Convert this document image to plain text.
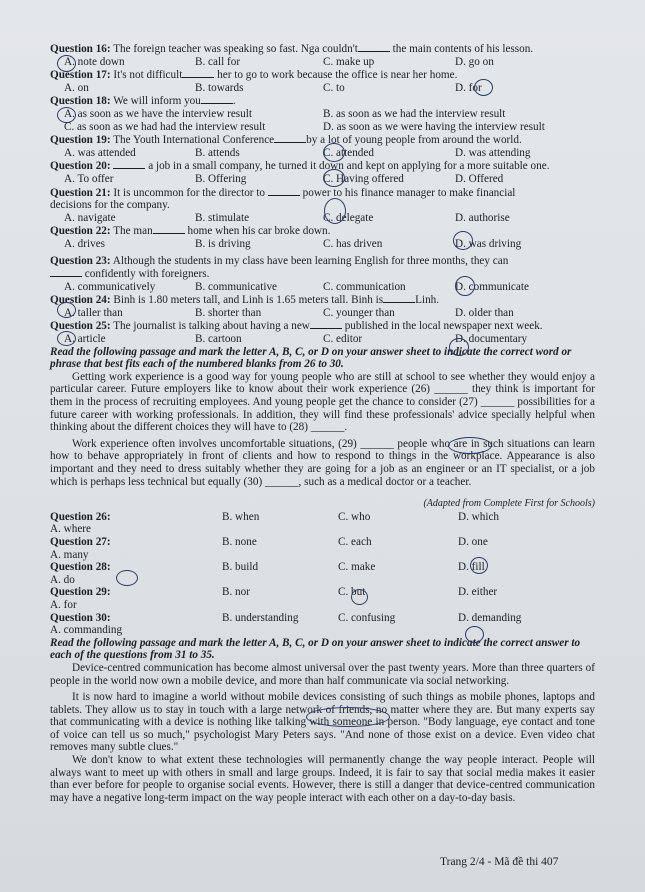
Question 16: The foreign teacher was speaking so fast. Nga couldn't	the main contents of his lesson.
A. note down	B. call for	C. make up	D. go on
Question 17: It's not difficult	her to go to work because the office is near her home.
A. on	B. towards	C. to	D. for
Question 18: We will inform you	.
A. as soon as we have the interview result	B. as soon as we had the interview result
C. as soon as we had had the interview result	D. as soon as we were having the interview result
Question 19: The Youth International Conference	by a lot of young people from around the world.
A. was attended	B. attends	C. attended	D. was attending
Question 20:	a job in a small company, he turned it down and kept on applying for a more suitable one.
A. To offer	B. Offering	C. Having offered	D. Offered
Question 21: It is uncommon for the director to	power to his finance manager to make financial
decisions for the company.
A. navigate	B. stimulate	C. delegate	D. authorise
Question 22: The man	home when his car broke down.
A. drives	B. is driving	C. has driven	D. was driving
Question 23: Although the students in my class have been learning English for three months, they can
confidently with foreigners.
A. communicatively	B. communicative	C. communication	D. communicate
Question 24: Binh is 1.80 meters tall, and Linh is 1.65 meters tall. Binh is	Linh.
A. taller than	B. shorter than	C. younger than	D. older than
Question 25: The journalist is talking about having a new	published in the local newspaper next week.
A. article	B. cartoon	C. editor	D. documentary
Read the following passage and mark the letter A, B, C, or D on your answer sheet to indicate the correct word or phrase that best fits each of the numbered blanks from 26 to 30.
Getting work experience is a good way for young people who are still at school to see whether they would enjoy a particular career. Future employers like to know about their work experience (26) ______ they think is important for them in the process of recruiting employees. And young people get the chance to consider (27) ______ possibilities for a future career with working professionals. In addition, they will find these professionals' advice specially helpful when thinking about the different choices they will have to (28) ______.
Work experience often involves uncomfortable situations, (29) ______ people who are in such situations can learn how to behave appropriately in front of clients and how to respond to things in the workplace. Appearance is also important and they need to dress suitably whether they are going for a job as an engineer or an IT specialist, or a job which is perhaps less technical but equally (30) ______, such as a medical doctor or a teacher.
(Adapted from Complete First for Schools)
Question 26:
A. where
B. when	C. who	D. which
Question 27:
A. many
B. none	C. each	D. one
Question 28:
A. do
B. build	C. make	D. fill
Question 29:
A. for
B. nor	C. but	D. either
Question 30:
A. commanding
B. understanding	C. confusing	D. demanding
Read the following passage and mark the letter A, B, C, or D on your answer sheet to indicate the correct answer to each of the questions from 31 to 35.
Device-centred communication has become almost universal over the past twenty years. More than three quarters of people in the world now own a mobile device, and more than half communicate via social networking.
It is now hard to imagine a world without mobile devices consisting of such things as mobile phones, laptops and tablets. They allow us to stay in touch with a large network of friends, no matter where they are. But many experts say that communicating with a device is nothing like talking with someone in person. "Body language, eye contact and tone of voice can tell us so much," psychologist Mary Peters says. "And none of those exist on a device. Even video chat removes many subtle clues."
We don't know to what extent these technologies will permanently change the way people interact. People will always want to meet up with others in small and large groups. Indeed, it is fair to say that social media makes it easier than ever before for people to organise social events. However, there is still a danger that device-centred communication may have a negative long-term impact on the way people interact with each other on a day-to-day basis.
Trang 2/4 - Mã đề thi 407
